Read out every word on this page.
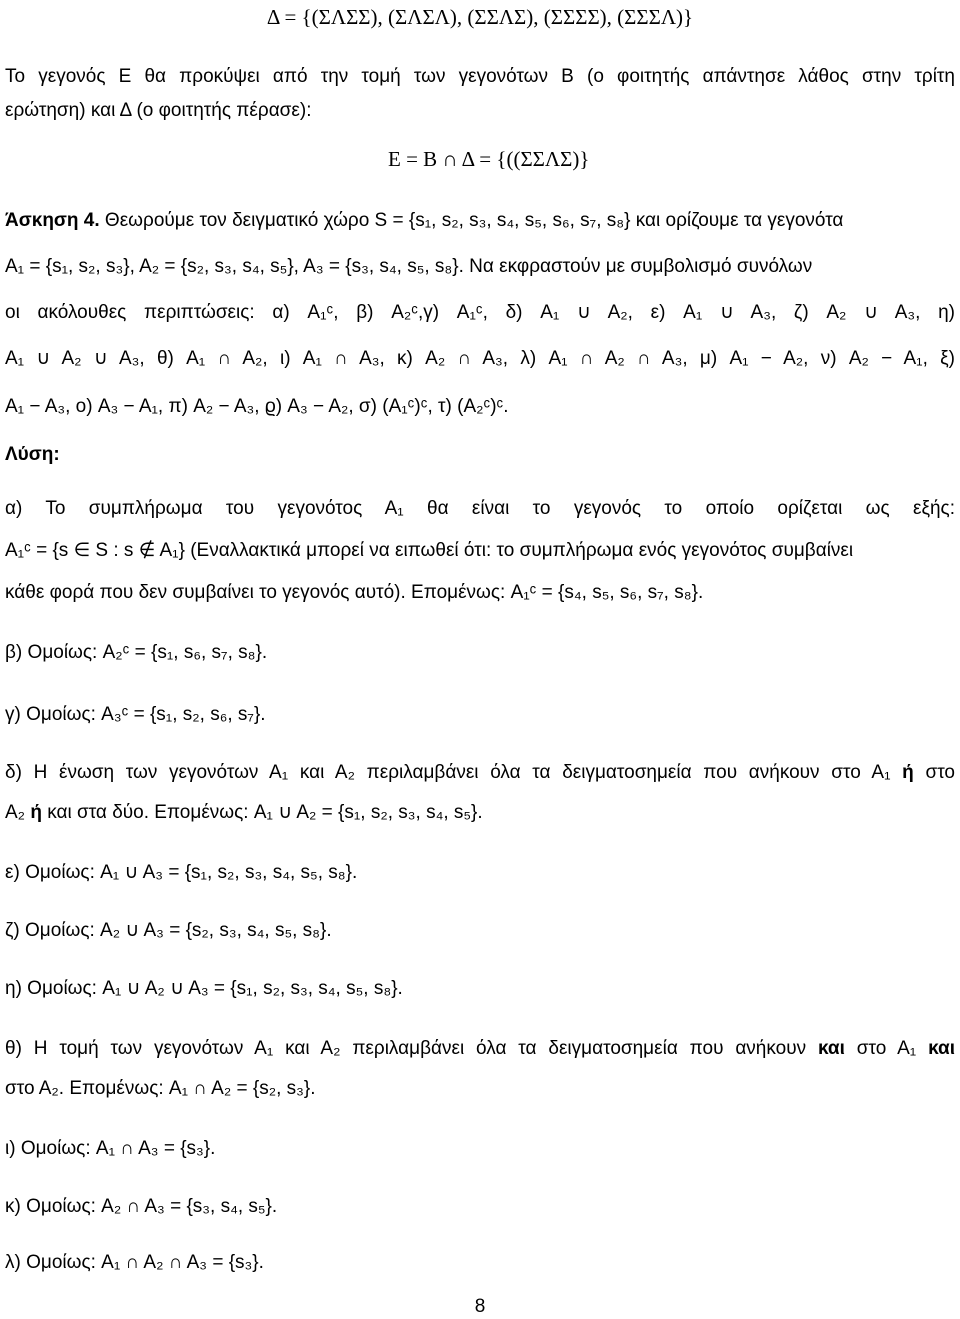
Δ = {(ΣΛΣΣ), (ΣΛΣΛ), (ΣΣΛΣ), (ΣΣΣΣ), (ΣΣΣΛ)}
Το γεγονός Ε θα προκύψει από την τομή των γεγονότων Β (ο φοιτητής απάντησε λάθος στην τρίτη
ερώτηση) και Δ (ο φοιτητής πέρασε):
Ε = Β ∩ Δ = {((ΣΣΛΣ)}
Άσκηση 4. Θεωρούμε τον δειγματικό χώρο S = {s₁, s₂, s₃, s₄, s₅, s₆, s₇, s₈} και ορίζουμε τα γεγονότα
A₁ = {s₁, s₂, s₃}, A₂ = {s₂, s₃, s₄, s₅}, A₃ = {s₃, s₄, s₅, s₈}. Να εκφραστούν με συμβολισμό συνόλων
οι ακόλουθες περιπτώσεις: α) A₁ᶜ, β) A₂ᶜ,γ) A₁ᶜ, δ) A₁ ∪ A₂, ε) A₁ ∪ A₃, ζ) A₂ ∪ A₃, η)
A₁ ∪ A₂ ∪ A₃, θ) A₁ ∩ A₂, ι) A₁ ∩ A₃, κ) A₂ ∩ A₃, λ) A₁ ∩ A₂ ∩ A₃, μ) A₁ − A₂, ν) A₂ − A₁, ξ)
A₁ − A₃, ο) A₃ − A₁, π) A₂ − A₃, ϱ) A₃ − A₂, σ) (A₁ᶜ)ᶜ, τ) (A₂ᶜ)ᶜ.
Λύση:
α) Το συμπλήρωμα του γεγονότος Α₁ θα είναι το γεγονός το οποίο ορίζεται ως εξής:
A₁ᶜ = {s ∈ S : s ∉ A₁} (Εναλλακτικά μπορεί να ειπωθεί ότι: το συμπλήρωμα ενός γεγονότος συμβαίνει
κάθε φορά που δεν συμβαίνει το γεγονός αυτό). Επομένως: A₁ᶜ = {s₄, s₅, s₆, s₇, s₈}.
β) Ομοίως: A₂ᶜ = {s₁, s₆, s₇, s₈}.
γ) Ομοίως: A₃ᶜ = {s₁, s₂, s₆, s₇}.
δ) Η ένωση των γεγονότων Α₁ και Α₂ περιλαμβάνει όλα τα δειγματοσημεία που ανήκουν στο Α₁ ή στο
Α₂ ή και στα δύο. Επομένως: A₁ ∪ A₂ = {s₁, s₂, s₃, s₄, s₅}.
ε) Ομοίως: A₁ ∪ A₃ = {s₁, s₂, s₃, s₄, s₅, s₈}.
ζ) Ομοίως: A₂ ∪ A₃ = {s₂, s₃, s₄, s₅, s₈}.
η) Ομοίως: A₁ ∪ A₂ ∪ A₃ = {s₁, s₂, s₃, s₄, s₅, s₈}.
θ) Η τομή των γεγονότων Α₁ και Α₂ περιλαμβάνει όλα τα δειγματοσημεία που ανήκουν και στο Α₁ και
στο Α₂. Επομένως: A₁ ∩ A₂ = {s₂, s₃}.
ι) Ομοίως: A₁ ∩ A₃ = {s₃}.
κ) Ομοίως: A₂ ∩ A₃ = {s₃, s₄, s₅}.
λ) Ομοίως: A₁ ∩ A₂ ∩ A₃ = {s₃}.
8
